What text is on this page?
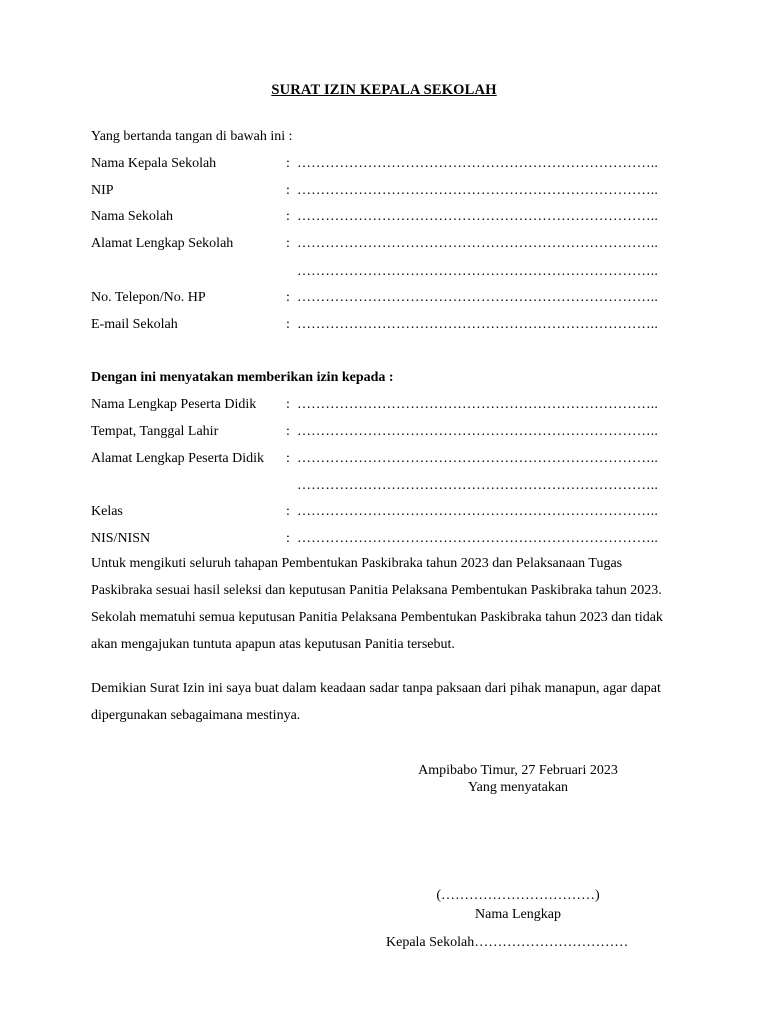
SURAT IZIN KEPALA SEKOLAH
Yang bertanda tangan di bawah ini :
Nama Kepala Sekolah	: …………………………………………………………………..
NIP	: …………………………………………………………………..
Nama Sekolah	: …………………………………………………………………..
Alamat Lengkap Sekolah	: …………………………………………………………………..
…………………………………………………………………..
No. Telepon/No. HP	: …………………………………………………………………..
E-mail Sekolah	: …………………………………………………………………..
Dengan ini menyatakan memberikan izin kepada :
Nama Lengkap Peserta Didik : …………………………………………………………………..
Tempat, Tanggal Lahir	: …………………………………………………………………..
Alamat Lengkap Peserta Didik : …………………………………………………………………..
…………………………………………………………………..
Kelas	: …………………………………………………………………..
NIS/NISN	: …………………………………………………………………..
Untuk mengikuti seluruh tahapan Pembentukan Paskibraka tahun 2023 dan Pelaksanaan Tugas Paskibraka sesuai hasil seleksi dan keputusan Panitia Pelaksana Pembentukan Paskibraka tahun 2023. Sekolah mematuhi semua keputusan Panitia Pelaksana Pembentukan Paskibraka tahun 2023 dan tidak akan mengajukan tuntuta apapun atas keputusan Panitia tersebut.
Demikian Surat Izin ini saya buat dalam keadaan sadar tanpa paksaan dari pihak manapun, agar dapat dipergunakan sebagaimana mestinya.
Ampibabo Timur, 27 Februari 2023
Yang menyatakan
(……………………………)
Nama Lengkap
Kepala Sekolah……………………………
